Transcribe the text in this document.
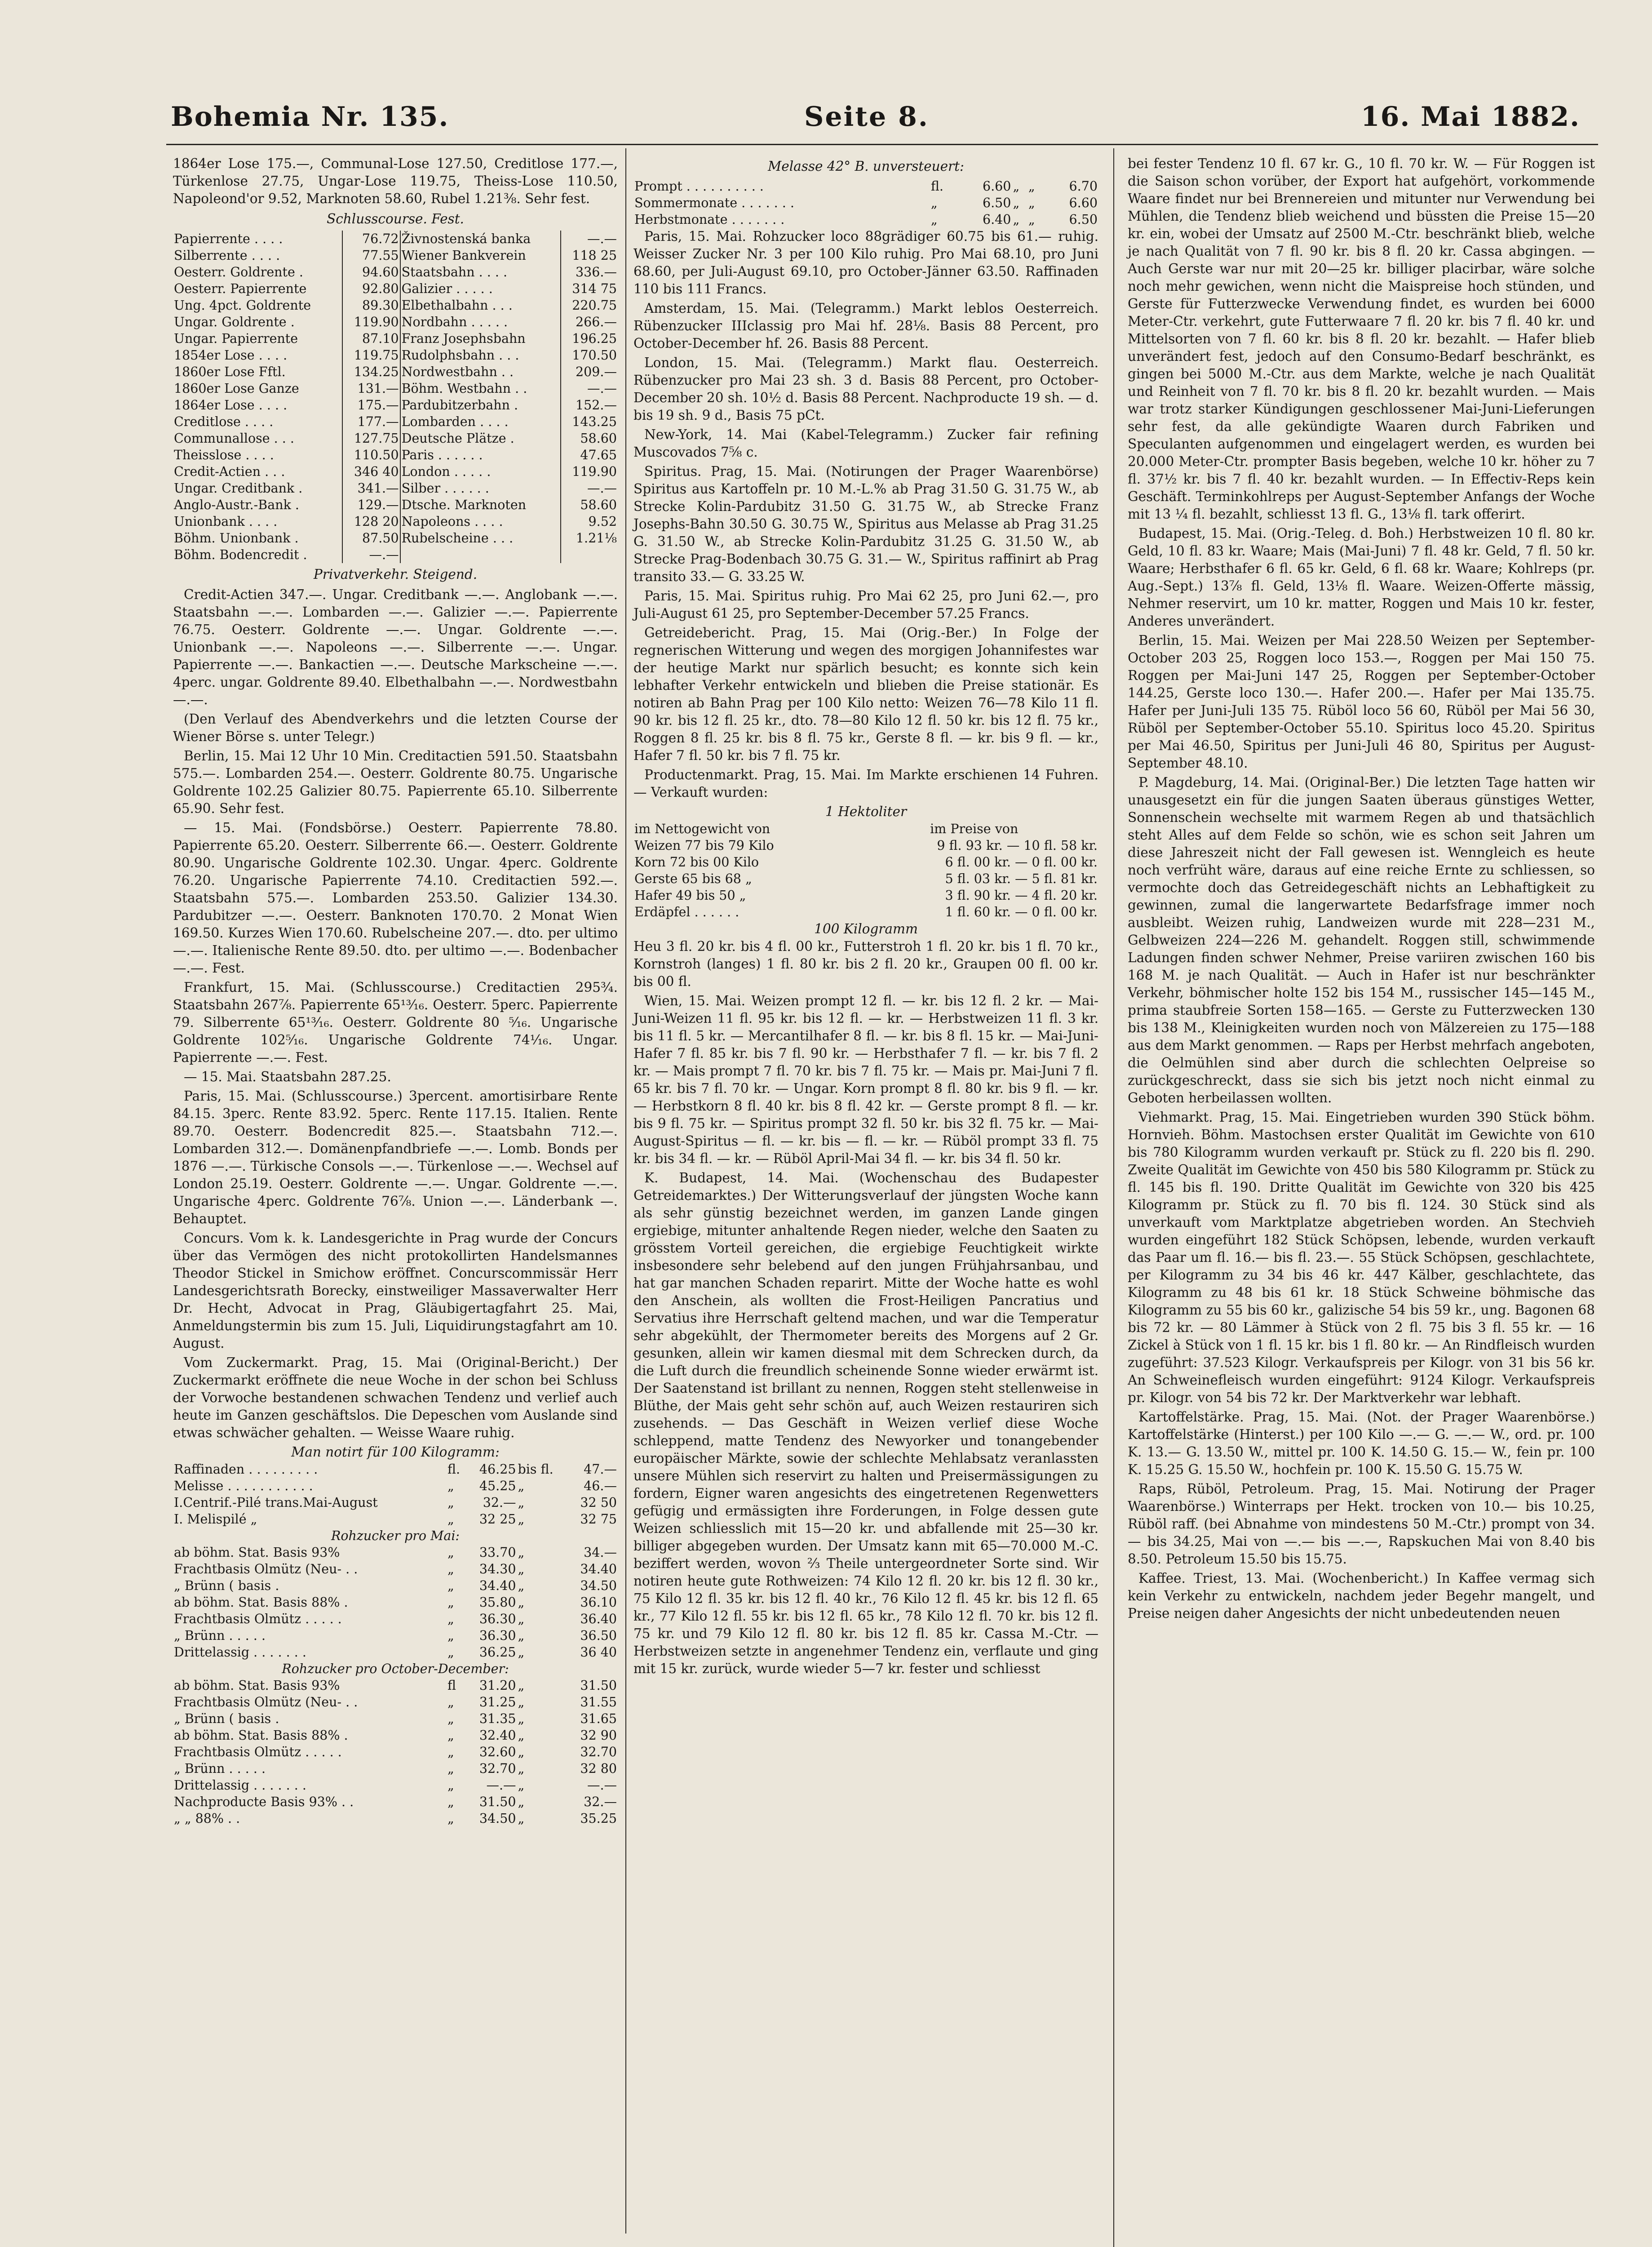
Bohemia Nr. 135.	Seite 8.	16. Mai 1882.

1864er Lose 175.—, Communal-Lose 127.50, Creditlose 177.—, Türkenlose 27.75, Ungar-Lose 119.75, Theiss-Lose 110.50, Napoleond'or 9.52, Marknoten 58.60, Rubel 1.21⅜. Sehr fest.

Schlusscourse. Fest.
Papierrente . . . .	76.72	Živnostenská banka	—.—
Silberrente . . . .	77.55	Wiener Bankverein	118 25
Oesterr. Goldrente .	94.60	Staatsbahn . . . .	336.—
Oesterr. Papierrente	92.80	Galizier . . . . .	314 75
Ung. 4pct. Goldrente	89.30	Elbethalbahn . . .	220.75
Ungar. Goldrente .	119.90	Nordbahn . . . . .	266.—
Ungar. Papierrente	87.10	Franz Josephsbahn	196.25
1854er Lose . . . .	119.75	Rudolphsbahn . . .	170.50
1860er Lose Fftl.	134.25	Nordwestbahn . .	209.—
1860er Lose Ganze	131.—	Böhm. Westbahn . .	—.—
1864er Lose . . . .	175.—	Pardubitzerbahn .	152.—
Creditlose . . . .	177.—	Lombarden . . . .	143.25
Communallose . . .	127.75	Deutsche Plätze .	58.60
Theisslose . . . .	110.50	Paris . . . . . .	47.65
Credit-Actien . . .	346 40	London . . . . .	119.90
Ungar. Creditbank .	341.—	Silber . . . . . .	—.—
Anglo-Austr.-Bank .	129.—	Dtsche. Marknoten	58.60
Unionbank . . . .	128 20	Napoleons . . . .	9.52
Böhm. Unionbank .	87.50	Rubelscheine . . .	1.21⅛
Böhm. Bodencredit .	—.—		
Privatverkehr. Steigend.

Credit-Actien 347.—. Ungar. Creditbank —.—. Anglobank —.—. Staatsbahn —.—. Lombarden —.—. Galizier —.—. Papierrente 76.75. Oesterr. Goldrente —.—. Ungar. Goldrente —.—. Unionbank —.—. Napoleons —.—. Silberrente —.—. Ungar. Papierrente —.—. Bankactien —.—. Deutsche Markscheine —.—. 4perc. ungar. Goldrente 89.40. Elbethalbahn —.—. Nordwestbahn —.—.

(Den Verlauf des Abendverkehrs und die letzten Course der Wiener Börse s. unter Telegr.)

Berlin, 15. Mai 12 Uhr 10 Min. Creditactien 591.50. Staatsbahn 575.—. Lombarden 254.—. Oesterr. Goldrente 80.75. Ungarische Goldrente 102.25 Galizier 80.75. Papierrente 65.10. Silberrente 65.90. Sehr fest.

— 15. Mai. (Fondsbörse.) Oesterr. Papierrente 78.80. Papierrente 65.20. Oesterr. Silberrente 66.—. Oesterr. Goldrente 80.90. Ungarische Goldrente 102.30. Ungar. 4perc. Goldrente 76.20. Ungarische Papierrente 74.10. Creditactien 592.—. Staatsbahn 575.—. Lombarden 253.50. Galizier 134.30. Pardubitzer —.—. Oesterr. Banknoten 170.70. 2 Monat Wien 169.50. Kurzes Wien 170.60. Rubelscheine 207.—. dto. per ultimo —.—. Italienische Rente 89.50. dto. per ultimo —.—. Bodenbacher —.—. Fest.

Frankfurt, 15. Mai. (Schlusscourse.) Creditactien 295¾. Staatsbahn 267⅞. Papierrente 65¹³⁄₁₆. Oesterr. 5perc. Papierrente 79. Silberrente 65¹³⁄₁₆. Oesterr. Goldrente 80 ⁵⁄₁₆. Ungarische Goldrente 102⁵⁄₁₆. Ungarische Goldrente 74¹⁄₁₆. Ungar. Papierrente —.—. Fest.

— 15. Mai. Staatsbahn 287.25.

Paris, 15. Mai. (Schlusscourse.) 3percent. amortisirbare Rente 84.15. 3perc. Rente 83.92. 5perc. Rente 117.15. Italien. Rente 89.70. Oesterr. Bodencredit 825.—. Staatsbahn 712.—. Lombarden 312.—. Domänenpfandbriefe —.—. Lomb. Bonds per 1876 —.—. Türkische Consols —.—. Türkenlose —.—. Wechsel auf London 25.19. Oesterr. Goldrente —.—. Ungar. Goldrente —.—. Ungarische 4perc. Goldrente 76⅞. Union —.—. Länderbank —. Behauptet.

Concurs. Vom k. k. Landesgerichte in Prag wurde der Concurs über das Vermögen des nicht protokollirten Handelsmannes Theodor Stickel in Smichow eröffnet. Concurscommissär Herr Landesgerichtsrath Borecky, einstweiliger Massaverwalter Herr Dr. Hecht, Advocat in Prag, Gläubigertagfahrt 25. Mai, Anmeldungstermin bis zum 15. Juli, Liquidirungstagfahrt am 10. August.

Vom Zuckermarkt. Prag, 15. Mai (Original-Bericht.) Der Zuckermarkt eröffnete die neue Woche in der schon bei Schluss der Vorwoche bestandenen schwachen Tendenz und verlief auch heute im Ganzen geschäftslos. Die Depeschen vom Auslande sind etwas schwächer gehalten. — Weisse Waare ruhig.

Man notirt für 100 Kilogramm:
Raffinaden . . . . . . . . .	fl.	46.25	bis fl.	47.—
Melisse . . . . . . . . . . .	„	45.25	„	46.—
I.Centrif.-Pilé trans.Mai-August	„	32.—	„	32 50
I. Melispilé „	„	32 25	„	32 75
Rohzucker pro Mai:				
ab böhm. Stat. Basis 93%	„	33.70	„	34.—
Frachtbasis Olmütz (Neu- . .	„	34.30	„	34.40
„ Brünn ( basis .	„	34.40	„	34.50
ab böhm. Stat. Basis 88% .	„	35.80	„	36.10
Frachtbasis Olmütz . . . . .	„	36.30	„	36.40
„ Brünn . . . . .	„	36.30	„	36.50
Drittelassig . . . . . . .	„	36.25	„	36 40
Rohzucker pro October-December:				
ab böhm. Stat. Basis 93%	fl	31.20	„	31.50
Frachtbasis Olmütz (Neu- . .	„	31.25	„	31.55
„ Brünn ( basis .	„	31.35	„	31.65
ab böhm. Stat. Basis 88% .	„	32.40	„	32 90
Frachtbasis Olmütz . . . . .	„	32.60	„	32.70
„ Brünn . . . . .	„	32.70	„	32 80
Drittelassig . . . . . . .	„	—.—	„	—.—
Nachproducte Basis 93% . .	„	31.50	„	32.—
„ „ 88% . .	„	34.50	„	35.25
Melasse 42° B. unversteuert:
Prompt . . . . . . . . . .	fl.	6.60	„	„	6.70
Sommermonate . . . . . . .	„	6.50	„	„	6.60
Herbstmonate . . . . . . .	„	6.40	„	„	6.50

Paris, 15. Mai. Rohzucker loco 88grädiger 60.75 bis 61.— ruhig. Weisser Zucker Nr. 3 per 100 Kilo ruhig. Pro Mai 68.10, pro Juni 68.60, per Juli-August 69.10, pro October-Jänner 63.50. Raffinaden 110 bis 111 Francs.

Amsterdam, 15. Mai. (Telegramm.) Markt leblos Oesterreich. Rübenzucker IIIclassig pro Mai hf. 28⅛. Basis 88 Percent, pro October-December hf. 26. Basis 88 Percent.

London, 15. Mai. (Telegramm.) Markt flau. Oesterreich. Rübenzucker pro Mai 23 sh. 3 d. Basis 88 Percent, pro October-December 20 sh. 10½ d. Basis 88 Percent. Nachproducte 19 sh. — d. bis 19 sh. 9 d., Basis 75 pCt.

New-York, 14. Mai (Kabel-Telegramm.) Zucker fair refining Muscovados 7⅝ c.

Spiritus. Prag, 15. Mai. (Notirungen der Prager Waarenbörse) Spiritus aus Kartoffeln pr. 10 M.-L.% ab Prag 31.50 G. 31.75 W., ab Strecke Kolin-Pardubitz 31.50 G. 31.75 W., ab Strecke Franz Josephs-Bahn 30.50 G. 30.75 W., Spiritus aus Melasse ab Prag 31.25 G. 31.50 W., ab Strecke Kolin-Pardubitz 31.25 G. 31.50 W., ab Strecke Prag-Bodenbach 30.75 G. 31.— W., Spiritus raffinirt ab Prag transito 33.— G. 33.25 W.

Paris, 15. Mai. Spiritus ruhig. Pro Mai 62 25, pro Juni 62.—, pro Juli-August 61 25, pro September-December 57.25 Francs.

Getreidebericht. Prag, 15. Mai (Orig.-Ber.) In Folge der regnerischen Witterung und wegen des morgigen Johannifestes war der heutige Markt nur spärlich besucht; es konnte sich kein lebhafter Verkehr entwickeln und blieben die Preise stationär. Es notiren ab Bahn Prag per 100 Kilo netto: Weizen 76—78 Kilo 11 fl. 90 kr. bis 12 fl. 25 kr., dto. 78—80 Kilo 12 fl. 50 kr. bis 12 fl. 75 kr., Roggen 8 fl. 25 kr. bis 8 fl. 75 kr., Gerste 8 fl. — kr. bis 9 fl. — kr., Hafer 7 fl. 50 kr. bis 7 fl. 75 kr.

Productenmarkt. Prag, 15. Mai. Im Markte erschienen 14 Fuhren. — Verkauft wurden:

1 Hektoliter
im Nettogewicht von	im Preise von
Weizen 77 bis 79 Kilo	9 fl. 93 kr. — 10 fl. 58 kr.
Korn 72 bis 00 Kilo	6 fl. 00 kr. — 0 fl. 00 kr.
Gerste 65 bis 68 „	5 fl. 03 kr. — 5 fl. 81 kr.
Hafer 49 bis 50 „	3 fl. 90 kr. — 4 fl. 20 kr.
Erdäpfel . . . . . .	1 fl. 60 kr. — 0 fl. 00 kr.
100 Kilogramm

Heu 3 fl. 20 kr. bis 4 fl. 00 kr., Futterstroh 1 fl. 20 kr. bis 1 fl. 70 kr., Kornstroh (langes) 1 fl. 80 kr. bis 2 fl. 20 kr., Graupen 00 fl. 00 kr. bis 00 fl.

Wien, 15. Mai. Weizen prompt 12 fl. — kr. bis 12 fl. 2 kr. — Mai-Juni-Weizen 11 fl. 95 kr. bis 12 fl. — kr. — Herbstweizen 11 fl. 3 kr. bis 11 fl. 5 kr. — Mercantilhafer 8 fl. — kr. bis 8 fl. 15 kr. — Mai-Juni-Hafer 7 fl. 85 kr. bis 7 fl. 90 kr. — Herbsthafer 7 fl. — kr. bis 7 fl. 2 kr. — Mais prompt 7 fl. 70 kr. bis 7 fl. 75 kr. — Mais pr. Mai-Juni 7 fl. 65 kr. bis 7 fl. 70 kr. — Ungar. Korn prompt 8 fl. 80 kr. bis 9 fl. — kr. — Herbstkorn 8 fl. 40 kr. bis 8 fl. 42 kr. — Gerste prompt 8 fl. — kr. bis 9 fl. 75 kr. — Spiritus prompt 32 fl. 50 kr. bis 32 fl. 75 kr. — Mai-August-Spiritus — fl. — kr. bis — fl. — kr. — Rüböl prompt 33 fl. 75 kr. bis 34 fl. — kr. — Rüböl April-Mai 34 fl. — kr. bis 34 fl. 50 kr.

K. Budapest, 14. Mai. (Wochenschau des Budapester Getreidemarktes.) Der Witterungsverlauf der jüngsten Woche kann als sehr günstig bezeichnet werden, im ganzen Lande gingen ergiebige, mitunter anhaltende Regen nieder, welche den Saaten zu grösstem Vorteil gereichen, die ergiebige Feuchtigkeit wirkte insbesondere sehr belebend auf den jungen Frühjahrsanbau, und hat gar manchen Schaden reparirt. Mitte der Woche hatte es wohl den Anschein, als wollten die Frost-Heiligen Pancratius und Servatius ihre Herrschaft geltend machen, und war die Temperatur sehr abgekühlt, der Thermometer bereits des Morgens auf 2 Gr. gesunken, allein wir kamen diesmal mit dem Schrecken durch, da die Luft durch die freundlich scheinende Sonne wieder erwärmt ist. Der Saatenstand ist brillant zu nennen, Roggen steht stellenweise in Blüthe, der Mais geht sehr schön auf, auch Weizen restauriren sich zusehends. — Das Geschäft in Weizen verlief diese Woche schleppend, matte Tendenz des Newyorker und tonangebender europäischer Märkte, sowie der schlechte Mehlabsatz veranlassten unsere Mühlen sich reservirt zu halten und Preisermässigungen zu fordern, Eigner waren angesichts des eingetretenen Regenwetters gefügig und ermässigten ihre Forderungen, in Folge dessen gute Weizen schliesslich mit 15—20 kr. und abfallende mit 25—30 kr. billiger abgegeben wurden. Der Umsatz kann mit 65—70.000 M.-C. beziffert werden, wovon ⅔ Theile untergeordneter Sorte sind. Wir notiren heute gute Rothweizen: 74 Kilo 12 fl. 20 kr. bis 12 fl. 30 kr., 75 Kilo 12 fl. 35 kr. bis 12 fl. 40 kr., 76 Kilo 12 fl. 45 kr. bis 12 fl. 65 kr., 77 Kilo 12 fl. 55 kr. bis 12 fl. 65 kr., 78 Kilo 12 fl. 70 kr. bis 12 fl. 75 kr. und 79 Kilo 12 fl. 80 kr. bis 12 fl. 85 kr. Cassa M.-Ctr. — Herbstweizen setzte in angenehmer Tendenz ein, verflaute und ging mit 15 kr. zurück, wurde wieder 5—7 kr. fester und schliesst

bei fester Tendenz 10 fl. 67 kr. G., 10 fl. 70 kr. W. — Für Roggen ist die Saison schon vorüber, der Export hat aufgehört, vorkommende Waare findet nur bei Brennereien und mitunter nur Verwendung bei Mühlen, die Tendenz blieb weichend und büssten die Preise 15—20 kr. ein, wobei der Umsatz auf 2500 M.-Ctr. beschränkt blieb, welche je nach Qualität von 7 fl. 90 kr. bis 8 fl. 20 kr. Cassa abgingen. — Auch Gerste war nur mit 20—25 kr. billiger placirbar, wäre solche noch mehr gewichen, wenn nicht die Maispreise hoch stünden, und Gerste für Futterzwecke Verwendung findet, es wurden bei 6000 Meter-Ctr. verkehrt, gute Futterwaare 7 fl. 20 kr. bis 7 fl. 40 kr. und Mittelsorten von 7 fl. 60 kr. bis 8 fl. 20 kr. bezahlt. — Hafer blieb unverändert fest, jedoch auf den Consumo-Bedarf beschränkt, es gingen bei 5000 M.-Ctr. aus dem Markte, welche je nach Qualität und Reinheit von 7 fl. 70 kr. bis 8 fl. 20 kr. bezahlt wurden. — Mais war trotz starker Kündigungen geschlossener Mai-Juni-Lieferungen sehr fest, da alle gekündigte Waaren durch Fabriken und Speculanten aufgenommen und eingelagert werden, es wurden bei 20.000 Meter-Ctr. prompter Basis begeben, welche 10 kr. höher zu 7 fl. 37½ kr. bis 7 fl. 40 kr. bezahlt wurden. — In Effectiv-Reps kein Geschäft. Terminkohlreps per August-September Anfangs der Woche mit 13 ¼ fl. bezahlt, schliesst 13 fl. G., 13⅛ fl. tark offerirt.

Budapest, 15. Mai. (Orig.-Teleg. d. Boh.) Herbstweizen 10 fl. 80 kr. Geld, 10 fl. 83 kr. Waare; Mais (Mai-Juni) 7 fl. 48 kr. Geld, 7 fl. 50 kr. Waare; Herbsthafer 6 fl. 65 kr. Geld, 6 fl. 68 kr. Waare; Kohlreps (pr. Aug.-Sept.) 13⅞ fl. Geld, 13⅛ fl. Waare. Weizen-Offerte mässig, Nehmer reservirt, um 10 kr. matter, Roggen und Mais 10 kr. fester, Anderes unverändert.

Berlin, 15. Mai. Weizen per Mai 228.50 Weizen per September-October 203 25, Roggen loco 153.—, Roggen per Mai 150 75. Roggen per Mai-Juni 147 25, Roggen per September-October 144.25, Gerste loco 130.—. Hafer 200.—. Hafer per Mai 135.75. Hafer per Juni-Juli 135 75. Rüböl loco 56 60, Rüböl per Mai 56 30, Rüböl per September-October 55.10. Spiritus loco 45.20. Spiritus per Mai 46.50, Spiritus per Juni-Juli 46 80, Spiritus per August-September 48.10.

P. Magdeburg, 14. Mai. (Original-Ber.) Die letzten Tage hatten wir unausgesetzt ein für die jungen Saaten überaus günstiges Wetter, Sonnenschein wechselte mit warmem Regen ab und thatsächlich steht Alles auf dem Felde so schön, wie es schon seit Jahren um diese Jahreszeit nicht der Fall gewesen ist. Wenngleich es heute noch verfrüht wäre, daraus auf eine reiche Ernte zu schliessen, so vermochte doch das Getreidegeschäft nichts an Lebhaftigkeit zu gewinnen, zumal die langerwartete Bedarfsfrage immer noch ausbleibt. Weizen ruhig, Landweizen wurde mit 228—231 M., Gelbweizen 224—226 M. gehandelt. Roggen still, schwimmende Ladungen finden schwer Nehmer, Preise variiren zwischen 160 bis 168 M. je nach Qualität. — Auch in Hafer ist nur beschränkter Verkehr, böhmischer holte 152 bis 154 M., russischer 145—145 M., prima staubfreie Sorten 158—165. — Gerste zu Futterzwecken 130 bis 138 M., Kleinigkeiten wurden noch von Mälzereien zu 175—188 aus dem Markt genommen. — Raps per Herbst mehrfach angeboten, die Oelmühlen sind aber durch die schlechten Oelpreise so zurückgeschreckt, dass sie sich bis jetzt noch nicht einmal zu Geboten herbeilassen wollten.

Viehmarkt. Prag, 15. Mai. Eingetrieben wurden 390 Stück böhm. Hornvieh. Böhm. Mastochsen erster Qualität im Gewichte von 610 bis 780 Kilogramm wurden verkauft pr. Stück zu fl. 220 bis fl. 290. Zweite Qualität im Gewichte von 450 bis 580 Kilogramm pr. Stück zu fl. 145 bis fl. 190. Dritte Qualität im Gewichte von 320 bis 425 Kilogramm pr. Stück zu fl. 70 bis fl. 124. 30 Stück sind als unverkauft vom Marktplatze abgetrieben worden. An Stechvieh wurden eingeführt 182 Stück Schöpsen, lebende, wurden verkauft das Paar um fl. 16.— bis fl. 23.—. 55 Stück Schöpsen, geschlachtete, per Kilogramm zu 34 bis 46 kr. 447 Kälber, geschlachtete, das Kilogramm zu 48 bis 61 kr. 18 Stück Schweine böhmische das Kilogramm zu 55 bis 60 kr., galizische 54 bis 59 kr., ung. Bagonen 68 bis 72 kr. — 80 Lämmer à Stück von 2 fl. 75 bis 3 fl. 55 kr. — 16 Zickel à Stück von 1 fl. 15 kr. bis 1 fl. 80 kr. — An Rindfleisch wurden zugeführt: 37.523 Kilogr. Verkaufspreis per Kilogr. von 31 bis 56 kr. An Schweinefleisch wurden eingeführt: 9124 Kilogr. Verkaufspreis pr. Kilogr. von 54 bis 72 kr. Der Marktverkehr war lebhaft.

Kartoffelstärke. Prag, 15. Mai. (Not. der Prager Waarenbörse.) Kartoffelstärke (Hinterst.) per 100 Kilo —.— G. —.— W., ord. pr. 100 K. 13.— G. 13.50 W., mittel pr. 100 K. 14.50 G. 15.— W., fein pr. 100 K. 15.25 G. 15.50 W., hochfein pr. 100 K. 15.50 G. 15.75 W.

Raps, Rüböl, Petroleum. Prag, 15. Mai. Notirung der Prager Waarenbörse.) Winterraps per Hekt. trocken von 10.— bis 10.25, Rüböl raff. (bei Abnahme von mindestens 50 M.-Ctr.) prompt von 34.— bis 34.25, Mai von —.— bis —.—, Rapskuchen Mai von 8.40 bis 8.50. Petroleum 15.50 bis 15.75.

Kaffee. Triest, 13. Mai. (Wochenbericht.) In Kaffee vermag sich kein Verkehr zu entwickeln, nachdem jeder Begehr mangelt, und Preise neigen daher Angesichts der nicht unbedeutenden neuen
